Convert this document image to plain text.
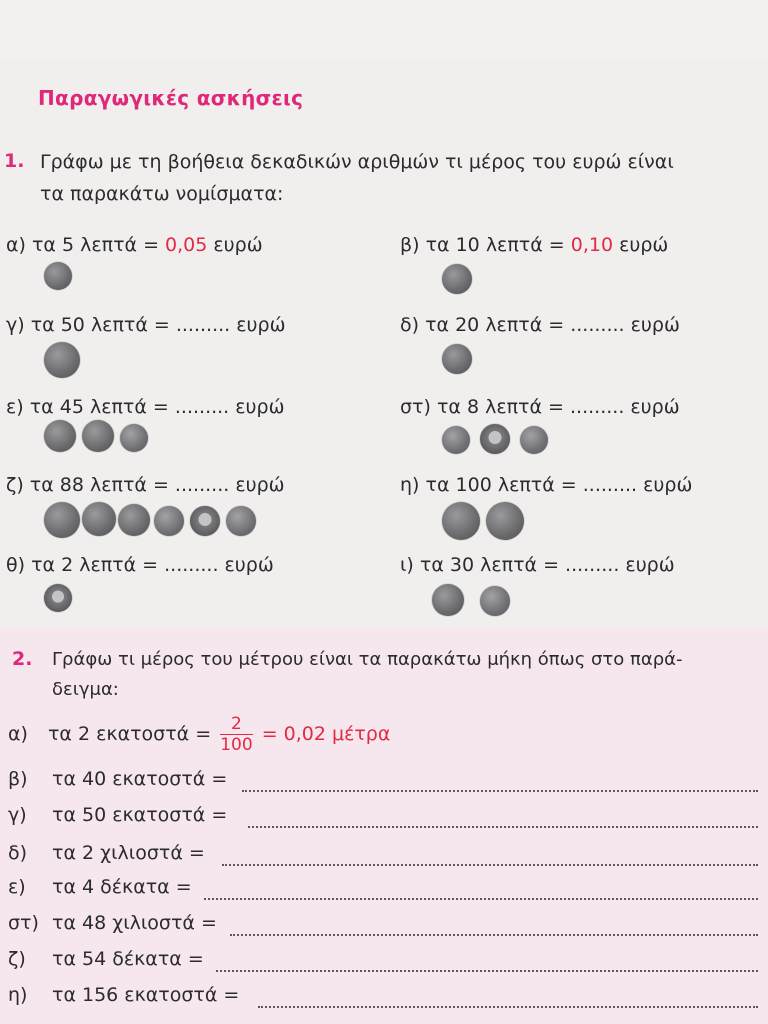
Παραγωγικές ασκήσεις
1. Γράφω με τη βοήθεια δεκαδικών αριθμών τι μέρος του ευρώ είναι
τα παρακάτω νομίσματα:
α) τα 5 λεπτά = 0,05 ευρώ	β) τα 10 λεπτά = 0,10 ευρώ
γ) τα 50 λεπτά = ......... ευρώ	δ) τα 20 λεπτά = ......... ευρώ
ε) τα 45 λεπτά = ......... ευρώ	στ) τα 8 λεπτά = ......... ευρώ
ζ) τα 88 λεπτά = ......... ευρώ	η) τα 100 λεπτά = ......... ευρώ
θ) τα 2 λεπτά = ......... ευρώ	ι) τα 30 λεπτά = ......... ευρώ
2. Γράφω τι μέρος του μέτρου είναι τα παρακάτω μήκη όπως στο παρά-
δειγμα:
α) τα 2 $\varepsilon\kappa\alpha\tau o\sigma\tau ά = \frac{2}{100} = 0,02$ μέτρα
β) τα 40 εκατοστά =
γ) τα 50 εκατοστά =
δ) τα 2 χιλιοστά =
ε) τα 4 δέκατα =
στ) τα 48 χιλιοστά =
ζ) τα 54 δέκατα =
η) τα 156 εκατοστά =
